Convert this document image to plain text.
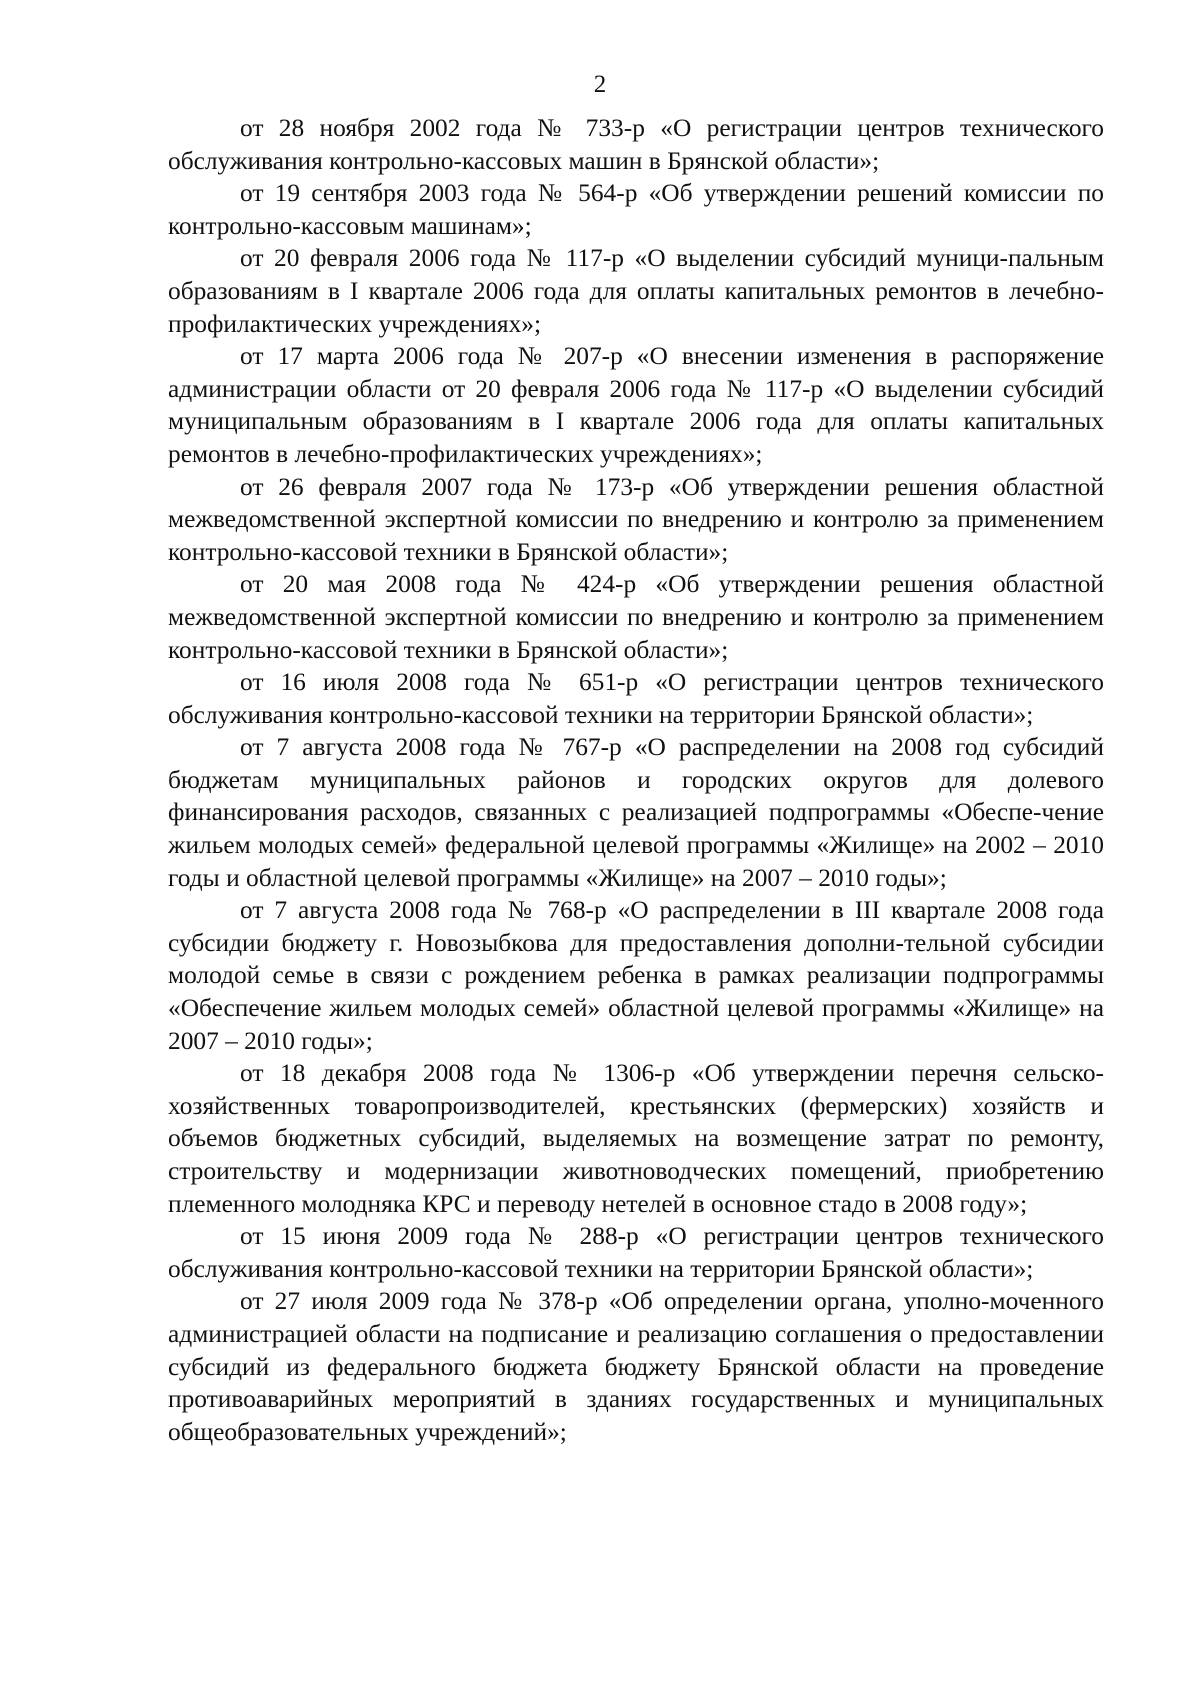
2

от 28 ноября 2002 года № 733-р «О регистрации центров технического обслуживания контрольно-кассовых машин в Брянской области»;

от 19 сентября 2003 года № 564-р «Об утверждении решений комиссии по контрольно-кассовым машинам»;

от 20 февраля 2006 года № 117-р «О выделении субсидий муници-пальным образованиям в I квартале 2006 года для оплаты капитальных ремонтов в лечебно-профилактических учреждениях»;

от 17 марта 2006 года № 207-р «О внесении изменения в распоряжение администрации области от 20 февраля 2006 года № 117-р «О выделении субсидий муниципальным образованиям в I квартале 2006 года для оплаты капитальных ремонтов в лечебно-профилактических учреждениях»;

от 26 февраля 2007 года № 173-р «Об утверждении решения областной межведомственной экспертной комиссии по внедрению и контролю за применением контрольно-кассовой техники в Брянской области»;

от 20 мая 2008 года № 424-р «Об утверждении решения областной межведомственной экспертной комиссии по внедрению и контролю за применением контрольно-кассовой техники в Брянской области»;

от 16 июля 2008 года № 651-р «О регистрации центров технического обслуживания контрольно-кассовой техники на территории Брянской области»;

от 7 августа 2008 года № 767-р «О распределении на 2008 год субсидий бюджетам муниципальных районов и городских округов для долевого финансирования расходов, связанных с реализацией подпрограммы «Обеспе-чение жильем молодых семей» федеральной целевой программы «Жилище» на 2002 – 2010 годы и областной целевой программы «Жилище» на 2007 – 2010 годы»;

от 7 августа 2008 года № 768-р «О распределении в III квартале 2008 года субсидии бюджету г. Новозыбкова для предоставления дополни-тельной субсидии молодой семье в связи с рождением ребенка в рамках реализации подпрограммы «Обеспечение жильем молодых семей» областной целевой программы «Жилище» на 2007 – 2010 годы»;

от 18 декабря 2008 года № 1306-р «Об утверждении перечня сельско-хозяйственных товаропроизводителей, крестьянских (фермерских) хозяйств и объемов бюджетных субсидий, выделяемых на возмещение затрат по ремонту, строительству и модернизации животноводческих помещений, приобретению племенного молодняка КРС и переводу нетелей в основное стадо в 2008 году»;

от 15 июня 2009 года № 288-р «О регистрации центров технического обслуживания контрольно-кассовой техники на территории Брянской области»;

от 27 июля 2009 года № 378-р «Об определении органа, уполно-моченного администрацией области на подписание и реализацию соглашения о предоставлении субсидий из федерального бюджета бюджету Брянской области на проведение противоаварийных мероприятий в зданиях государственных и муниципальных общеобразовательных учреждений»;
